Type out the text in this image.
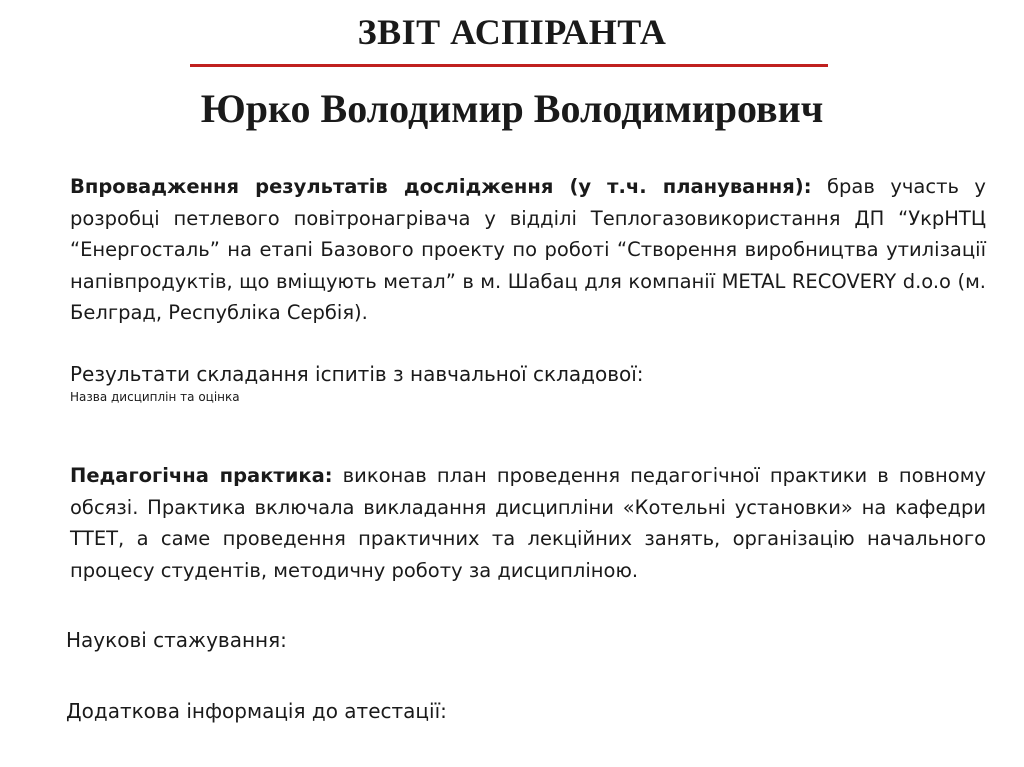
ЗВІТ АСПІРАНТА
Юрко Володимир Володимирович
Впровадження результатів дослідження (у т.ч. планування): брав участь у розробці петлевого повітронагрівача у відділі Теплогазовикористання ДП “УкрНТЦ “Енергосталь” на етапі Базового проекту по роботі “Створення виробництва утилізації напівпродуктів, що вміщують метал” в м. Шабац для компанії METAL RECOVERY d.o.o (м. Белград, Республіка Сербія).
Результати складання іспитів з навчальної складової:
Назва дисциплін та оцінка
Педагогічна практика: виконав план проведення педагогічної практики в повному обсязі. Практика включала викладання дисципліни «Котельні установки» на кафедри ТТЕТ, а саме проведення практичних та лекційних занять, організацію начального процесу студентів, методичну роботу за дисципліною.
Наукові стажування:
Додаткова інформація до атестації:
